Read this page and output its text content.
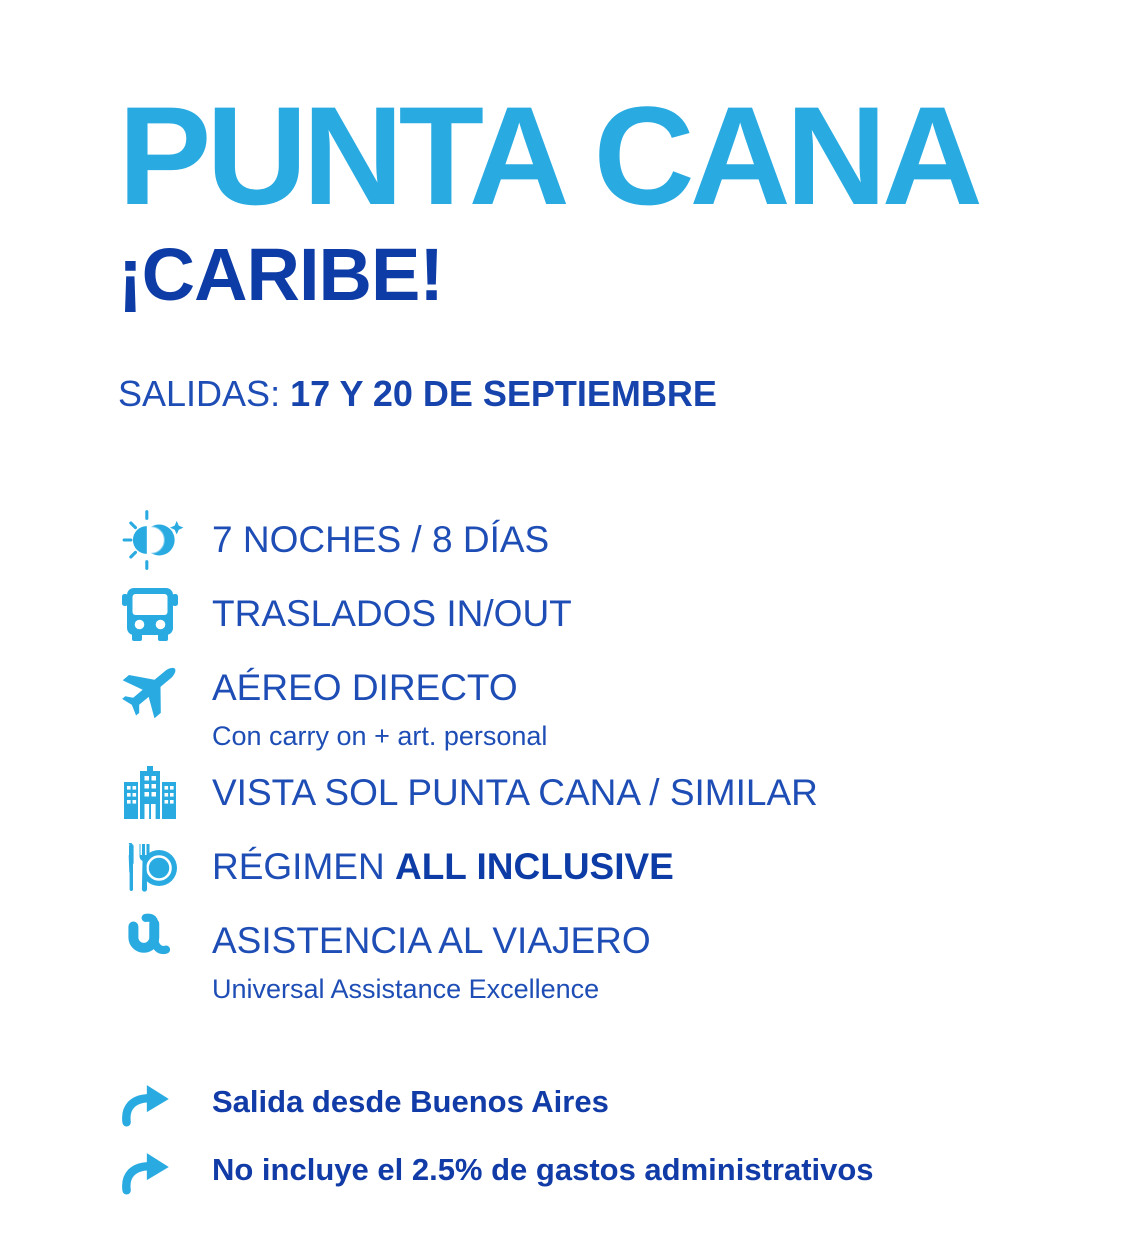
PUNTA CANA
¡CARIBE!
SALIDAS: 17 Y 20 DE SEPTIEMBRE
7 NOCHES / 8 DÍAS
TRASLADOS IN/OUT
AÉREO DIRECTO
Con carry on + art. personal
VISTA SOL PUNTA CANA / SIMILAR
RÉGIMEN ALL INCLUSIVE
ASISTENCIA AL VIAJERO
Universal Assistance Excellence
Salida desde Buenos Aires
No incluye el 2.5% de gastos administrativos
